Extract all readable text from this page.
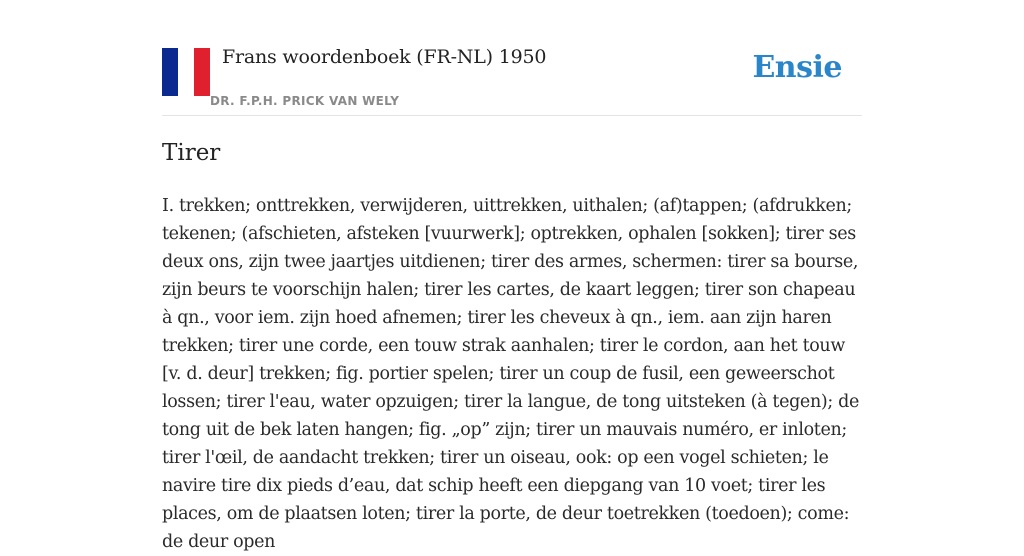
Frans woordenboek (FR-NL) 1950
DR. F.P.H. PRICK VAN WELY
Ensie
Tirer

I. trekken; onttrekken, verwijderen, uittrekken, uithalen; (af)tappen; (afdrukken; tekenen; (afschieten, afsteken [vuurwerk]; optrekken, ophalen [sokken]; tirer ses deux ons, zijn twee jaartjes uitdienen; tirer des armes, schermen: tirer sa bourse, zijn beurs te voorschijn halen; tirer les cartes, de kaart leggen; tirer son chapeau à qn., voor iem. zijn hoed afnemen; tirer les cheveux à qn., iem. aan zijn haren trekken; tirer une corde, een touw strak aanhalen; tirer le cordon, aan het touw [v. d. deur] trekken; fig. portier spelen; tirer un coup de fusil, een geweerschot lossen; tirer l'eau, water opzuigen; tirer la langue, de tong uitsteken (à tegen); de tong uit de bek laten hangen; fig. „op” zijn; tirer un mauvais numéro, er inloten; tirer l'œil, de aandacht trekken; tirer un oiseau, ook: op een vogel schieten; le navire tire dix pieds d’eau, dat schip heeft een diepgang van 10 voet; tirer les places, om de plaatsen loten; tirer la porte, de deur toetrekken (toedoen); come: de deur open
